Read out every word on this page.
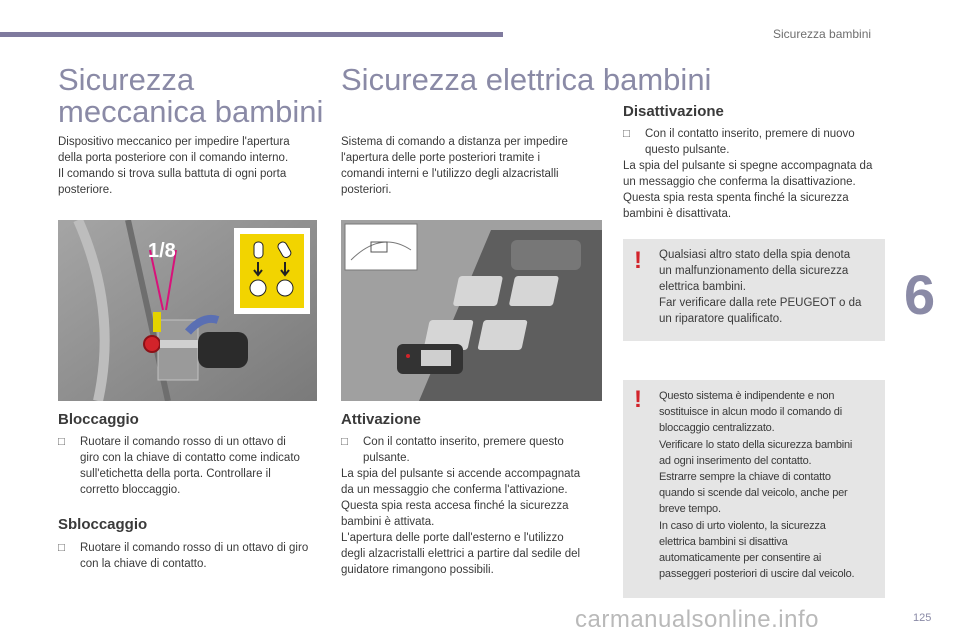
Sicurezza bambini
Sicurezza
meccanica bambini
Dispositivo meccanico per impedire l'apertura
della porta posteriore con il comando interno.
Il comando si trova sulla battuta di ogni porta
posteriore.
1/8
Bloccaggio
□	Ruotare il comando rosso di un ottavo di
giro con la chiave di contatto come indicato
sull'etichetta della porta. Controllare il
corretto bloccaggio.
Sbloccaggio
□	Ruotare il comando rosso di un ottavo di giro
con la chiave di contatto.
Sicurezza elettrica bambini
Sistema di comando a distanza per impedire
l'apertura delle porte posteriori tramite i
comandi interni e l'utilizzo degli alzacristalli
posteriori.
Attivazione
□	Con il contatto inserito, premere questo
pulsante.
La spia del pulsante si accende accompagnata
da un messaggio che conferma l'attivazione.
Questa spia resta accesa finché la sicurezza
bambini è attivata.
L'apertura delle porte dall'esterno e l'utilizzo
degli alzacristalli elettrici a partire dal sedile del
guidatore rimangono possibili.
Disattivazione
□	Con il contatto inserito, premere di nuovo
questo pulsante.
La spia del pulsante si spegne accompagnata da
un messaggio che conferma la disattivazione.
Questa spia resta spenta finché la sicurezza
bambini è disattivata.
! Qualsiasi altro stato della spia denota
un malfunzionamento della sicurezza
elettrica bambini.
Far verificare dalla rete PEUGEOT o da
un riparatore qualificato.
! Questo sistema è indipendente e non
sostituisce in alcun modo il comando di
bloccaggio centralizzato.
Verificare lo stato della sicurezza bambini
ad ogni inserimento del contatto.
Estrarre sempre la chiave di contatto
quando si scende dal veicolo, anche per
breve tempo.
In caso di urto violento, la sicurezza
elettrica bambini si disattiva
automaticamente per consentire ai
passeggeri posteriori di uscire dal veicolo.
6
carmanualsonline.info	125
